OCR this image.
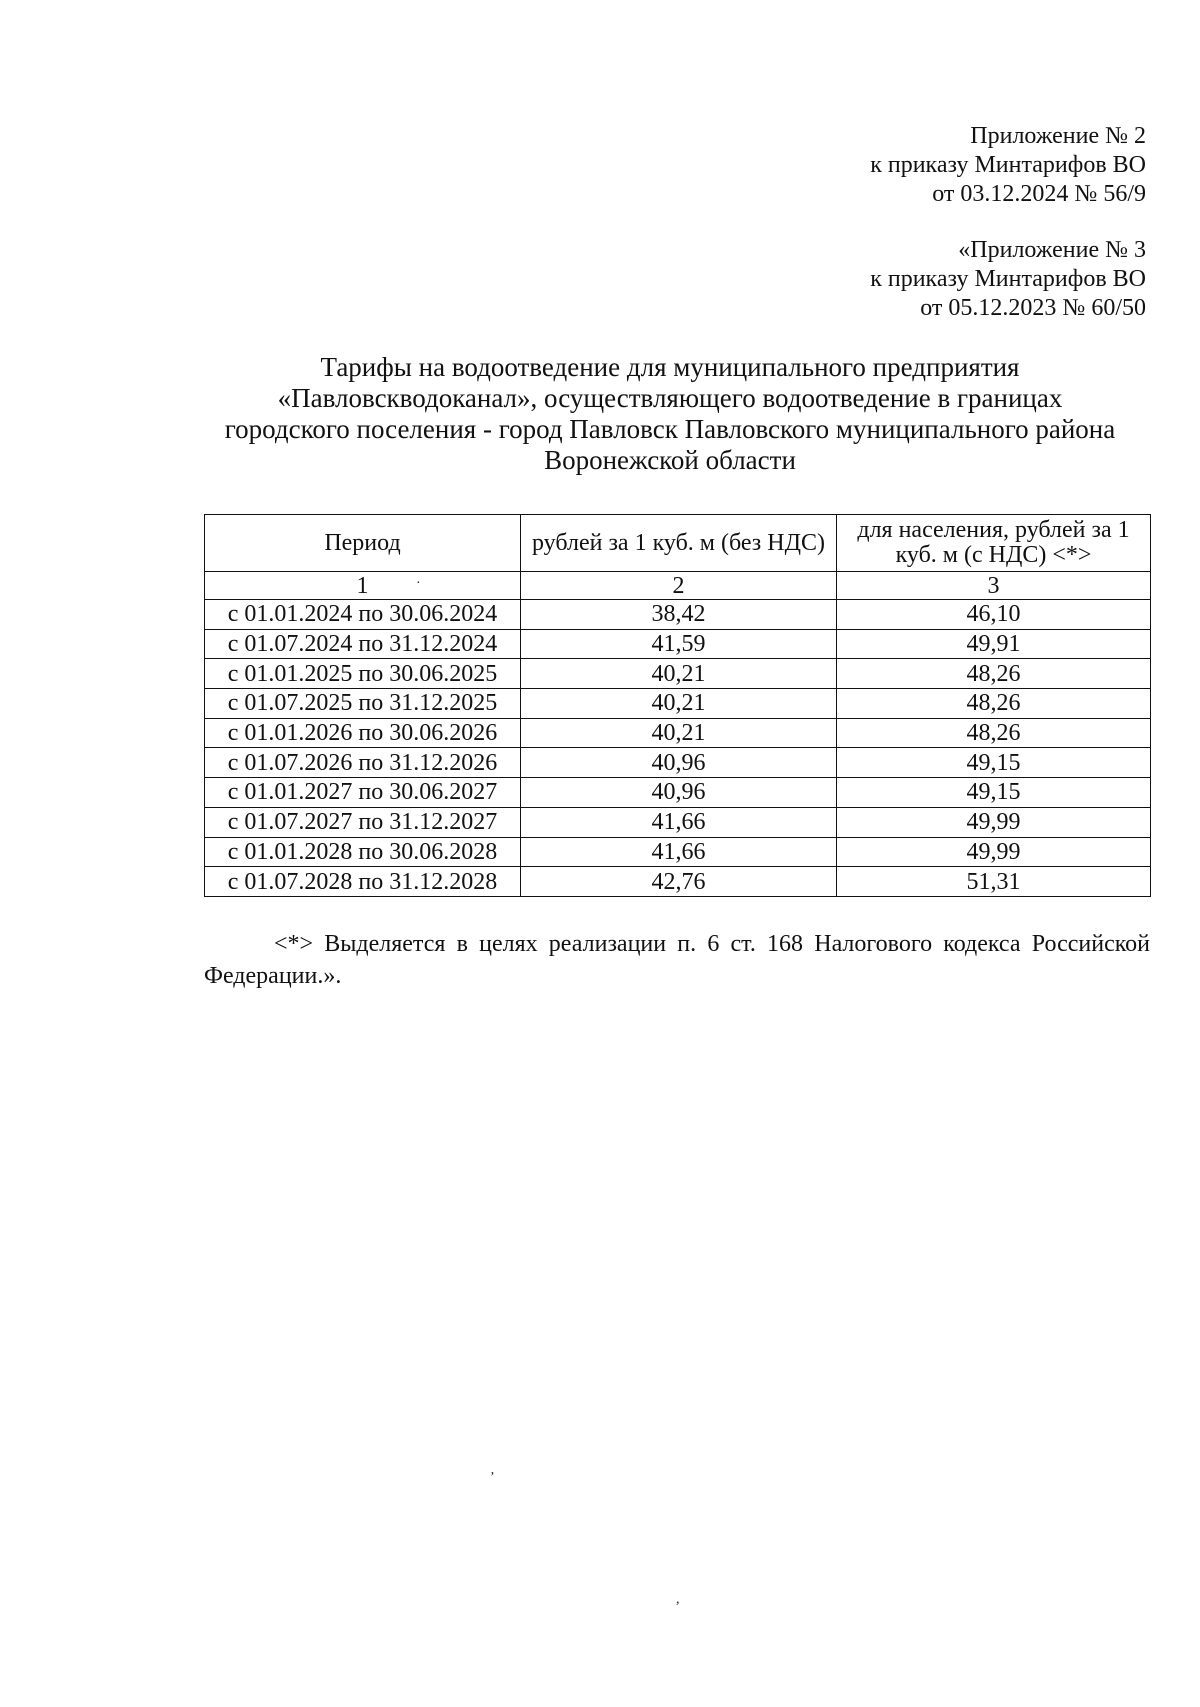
Приложение № 2
к приказу Минтарифов ВО
от 03.12.2024 № 56/9
«Приложение № 3
к приказу Минтарифов ВО
от 05.12.2023 № 60/50
Тарифы на водоотведение для муниципального предприятия
«Павловскводоканал», осуществляющего водоотведение в границах
городского поселения - город Павловск Павловского муниципального района
Воронежской области
Период	рублей за 1 куб. м (без НДС)	для населения, рублей за 1 куб. м (с НДС) <*>
1	2	3
с 01.01.2024 по 30.06.2024	38,42	46,10
с 01.07.2024 по 31.12.2024	41,59	49,91
с 01.01.2025 по 30.06.2025	40,21	48,26
с 01.07.2025 по 31.12.2025	40,21	48,26
с 01.01.2026 по 30.06.2026	40,21	48,26
с 01.07.2026 по 31.12.2026	40,96	49,15
с 01.01.2027 по 30.06.2027	40,96	49,15
с 01.07.2027 по 31.12.2027	41,66	49,99
с 01.01.2028 по 30.06.2028	41,66	49,99
с 01.07.2028 по 31.12.2028	42,76	51,31
<*> Выделяется в целях реализации п. 6 ст. 168 Налогового кодекса Российской
Федерации.».
·
ʼ
,
